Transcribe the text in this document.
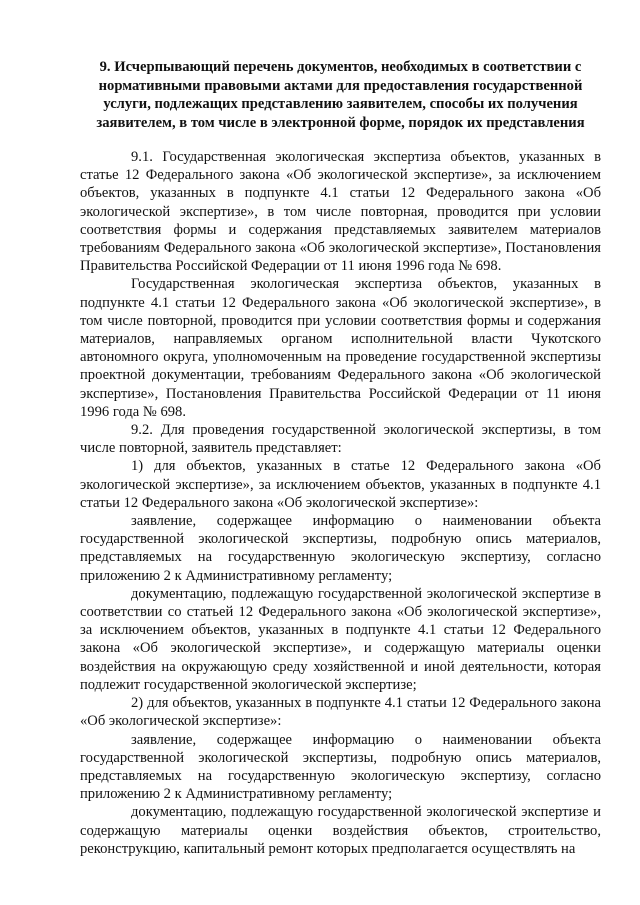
9. Исчерпывающий перечень документов, необходимых в соответствии с нормативными правовыми актами для предоставления государственной услуги, подлежащих представлению заявителем, способы их получения заявителем, в том числе в электронной форме, порядок их представления

9.1. Государственная экологическая экспертиза объектов, указанных в статье 12 Федерального закона «Об экологической экспертизе», за исключением объектов, указанных в подпункте 4.1 статьи 12 Федерального закона «Об экологической экспертизе», в том числе повторная, проводится при условии соответствия формы и содержания представляемых заявителем материалов требованиям Федерального закона «Об экологической экспертизе», Постановления Правительства Российской Федерации от 11 июня 1996 года № 698.

Государственная экологическая экспертиза объектов, указанных в подпункте 4.1 статьи 12 Федерального закона «Об экологической экспертизе», в том числе повторной, проводится при условии соответствия формы и содержания материалов, направляемых органом исполнительной власти Чукотского автономного округа, уполномоченным на проведение государственной экспертизы проектной документации, требованиям Федерального закона «Об экологической экспертизе», Постановления Правительства Российской Федерации от 11 июня 1996 года № 698.

9.2. Для проведения государственной экологической экспертизы, в том числе повторной, заявитель представляет:

1) для объектов, указанных в статье 12 Федерального закона «Об экологической экспертизе», за исключением объектов, указанных в подпункте 4.1 статьи 12 Федерального закона «Об экологической экспертизе»:

заявление, содержащее информацию о наименовании объекта государственной экологической экспертизы, подробную опись материалов, представляемых на государственную экологическую экспертизу, согласно приложению 2 к Административному регламенту;

документацию, подлежащую государственной экологической экспертизе в соответствии со статьей 12 Федерального закона «Об экологической экспертизе», за исключением объектов, указанных в подпункте 4.1 статьи 12 Федерального закона «Об экологической экспертизе», и содержащую материалы оценки воздействия на окружающую среду хозяйственной и иной деятельности, которая подлежит государственной экологической экспертизе;

2) для объектов, указанных в подпункте 4.1 статьи 12 Федерального закона «Об экологической экспертизе»:

заявление, содержащее информацию о наименовании объекта государственной экологической экспертизы, подробную опись материалов, представляемых на государственную экологическую экспертизу, согласно приложению 2 к Административному регламенту;

документацию, подлежащую государственной экологической экспертизе и содержащую материалы оценки воздействия объектов, строительство, реконструкцию, капитальный ремонт которых предполагается осуществлять на
